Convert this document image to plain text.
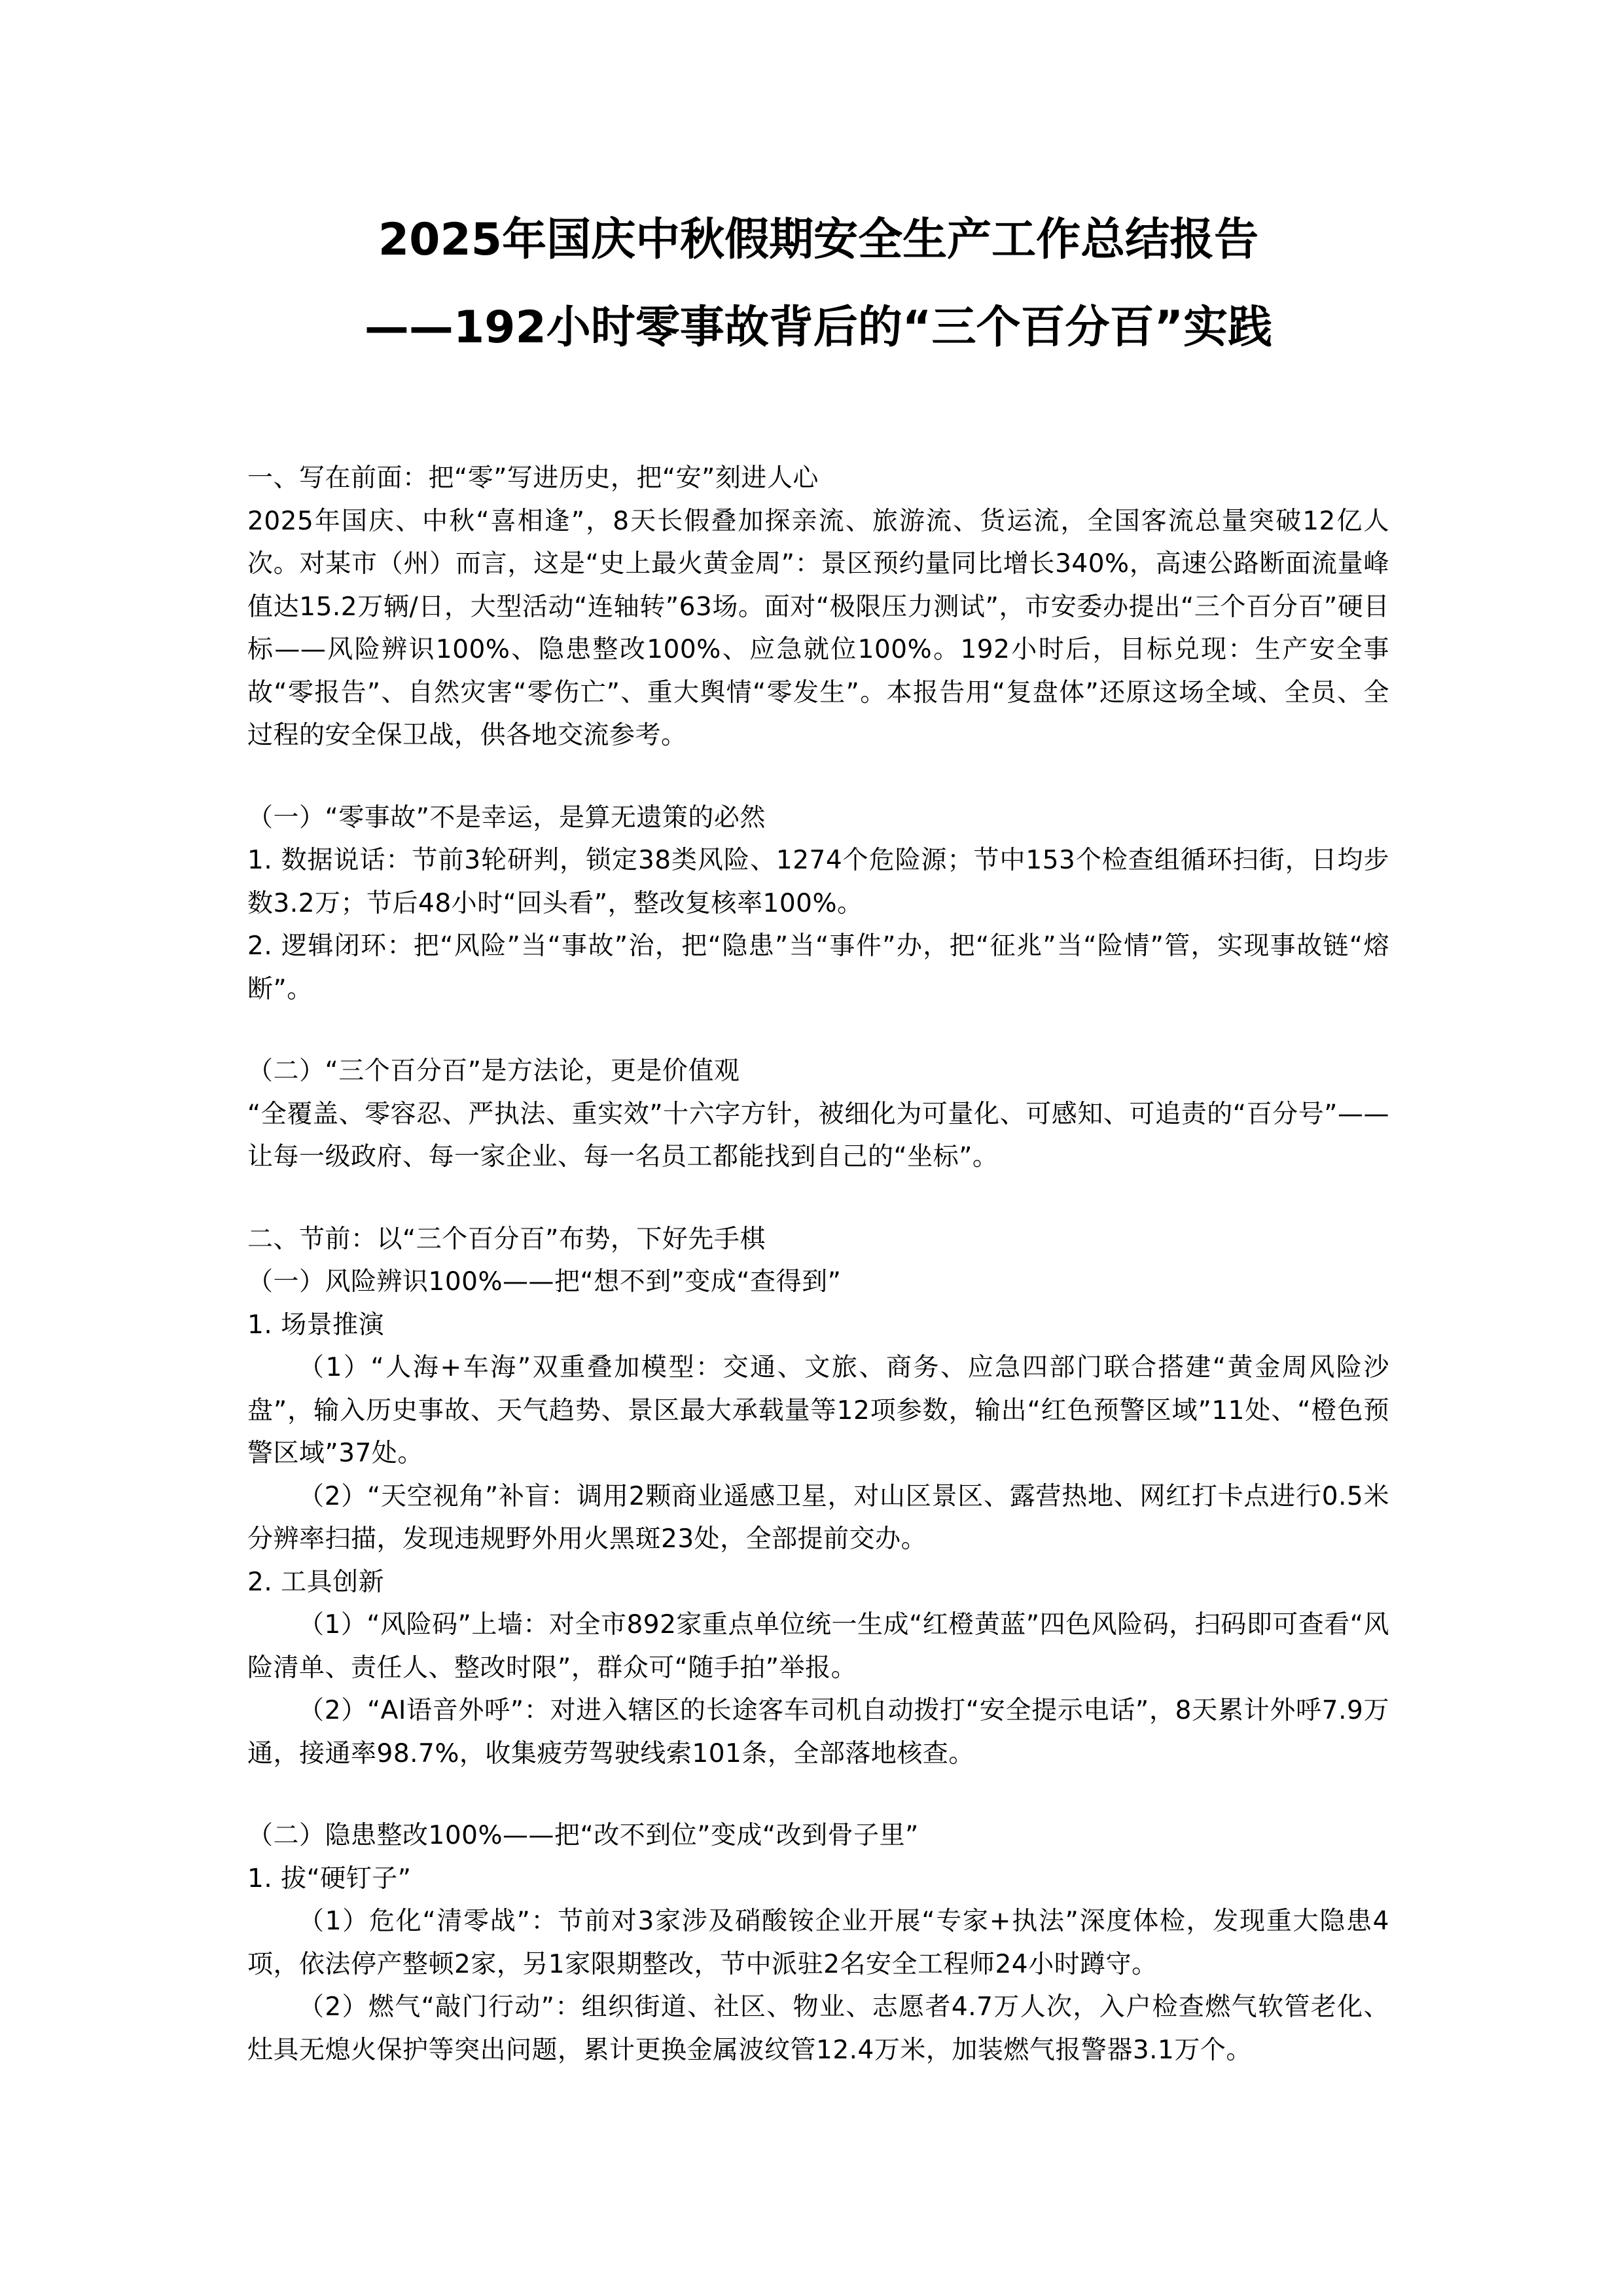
2025年国庆中秋假期安全生产工作总结报告
——192小时零事故背后的“三个百分百”实践

一、写在前面：把“零”写进历史，把“安”刻进人心

2025年国庆、中秋“喜相逢”，8天长假叠加探亲流、旅游流、货运流，全国客流总量突破12亿人次。对某市（州）而言，这是“史上最火黄金周”：景区预约量同比增长340%，高速公路断面流量峰值达15.2万辆/日，大型活动“连轴转”63场。面对“极限压力测试”，市安委办提出“三个百分百”硬目标——风险辨识100%、隐患整改100%、应急就位100%。192小时后，目标兑现：生产安全事故“零报告”、自然灾害“零伤亡”、重大舆情“零发生”。本报告用“复盘体”还原这场全域、全员、全过程的安全保卫战，供各地交流参考。

（一）“零事故”不是幸运，是算无遗策的必然

1. 数据说话：节前3轮研判，锁定38类风险、1274个危险源；节中153个检查组循环扫街，日均步数3.2万；节后48小时“回头看”，整改复核率100%。

2. 逻辑闭环：把“风险”当“事故”治，把“隐患”当“事件”办，把“征兆”当“险情”管，实现事故链“熔断”。

（二）“三个百分百”是方法论，更是价值观

“全覆盖、零容忍、严执法、重实效”十六字方针，被细化为可量化、可感知、可追责的“百分号”——让每一级政府、每一家企业、每一名员工都能找到自己的“坐标”。

二、节前：以“三个百分百”布势，下好先手棋

（一）风险辨识100%——把“想不到”变成“查得到”

1. 场景推演

（1）“人海+车海”双重叠加模型：交通、文旅、商务、应急四部门联合搭建“黄金周风险沙盘”，输入历史事故、天气趋势、景区最大承载量等12项参数，输出“红色预警区域”11处、“橙色预警区域”37处。

（2）“天空视角”补盲：调用2颗商业遥感卫星，对山区景区、露营热地、网红打卡点进行0.5米分辨率扫描，发现违规野外用火黑斑23处，全部提前交办。

2. 工具创新

（1）“风险码”上墙：对全市892家重点单位统一生成“红橙黄蓝”四色风险码，扫码即可查看“风险清单、责任人、整改时限”，群众可“随手拍”举报。

（2）“AI语音外呼”：对进入辖区的长途客车司机自动拨打“安全提示电话”，8天累计外呼7.9万通，接通率98.7%，收集疲劳驾驶线索101条，全部落地核查。

（二）隐患整改100%——把“改不到位”变成“改到骨子里”

1. 拔“硬钉子”

（1）危化“清零战”：节前对3家涉及硝酸铵企业开展“专家+执法”深度体检，发现重大隐患4项，依法停产整顿2家，另1家限期整改，节中派驻2名安全工程师24小时蹲守。

（2）燃气“敲门行动”：组织街道、社区、物业、志愿者4.7万人次，入户检查燃气软管老化、灶具无熄火保护等突出问题，累计更换金属波纹管12.4万米，加装燃气报警器3.1万个。
